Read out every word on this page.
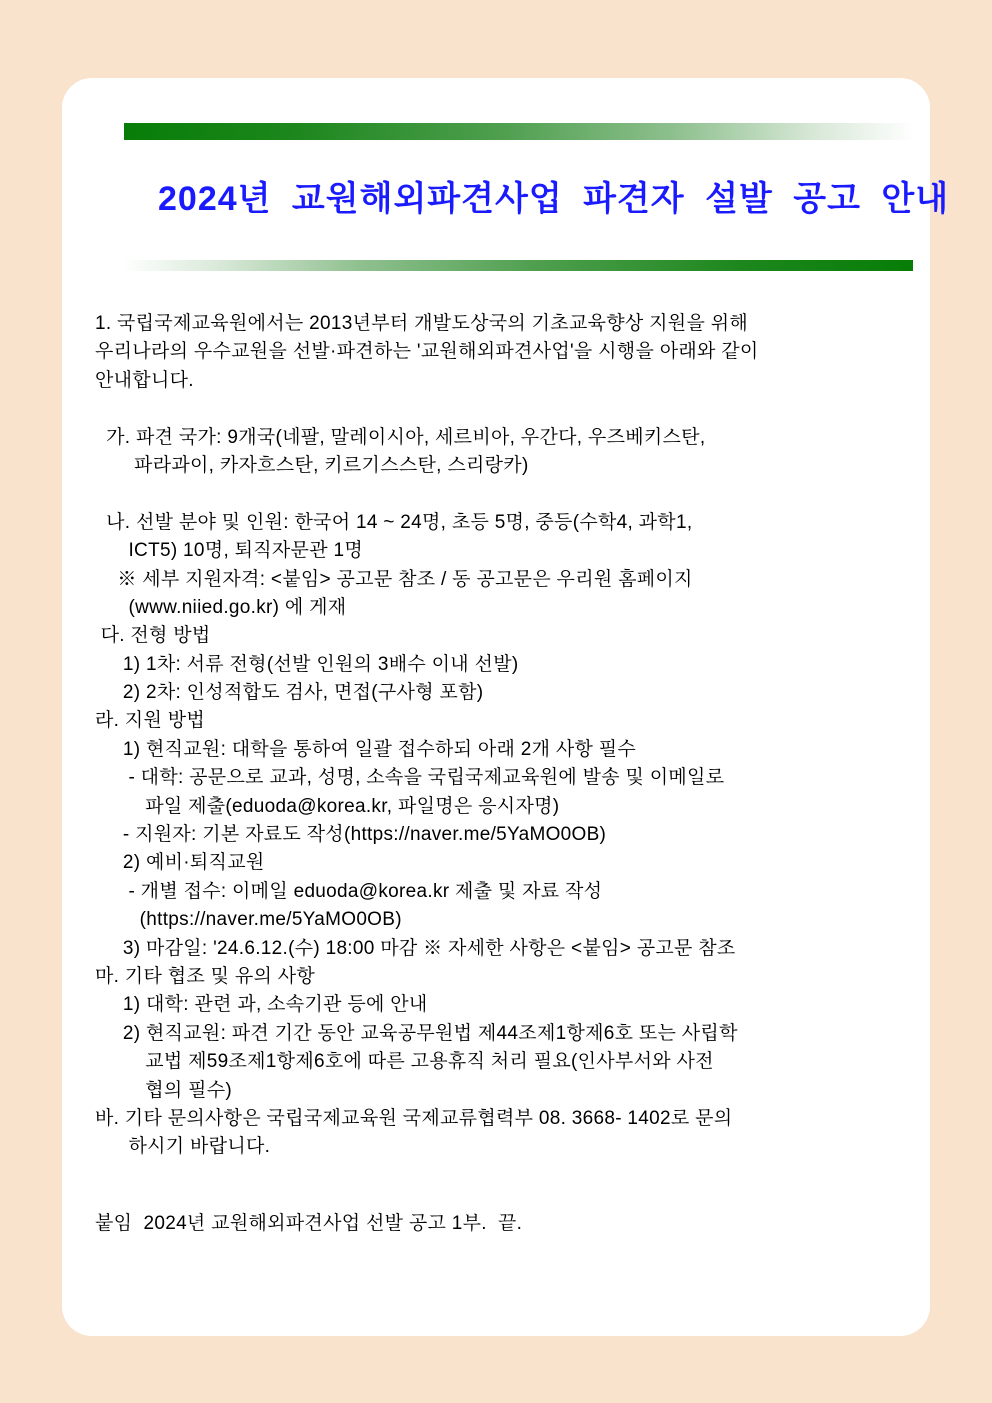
2024년 교원해외파견사업 파견자 설발 공고 안내
1. 국립국제교육원에서는 2013년부터 개발도상국의 기초교육향상 지원을 위해
우리나라의 우수교원을 선발·파견하는 '교원해외파견사업'을 시행을 아래와 같이
안내합니다.
가. 파견 국가: 9개국(네팔, 말레이시아, 세르비아, 우간다, 우즈베키스탄,
파라과이, 카자흐스탄, 키르기스스탄, 스리랑카)
나. 선발 분야 및 인원: 한국어 14 ~ 24명, 초등 5명, 중등(수학4, 과학1,
ICT5) 10명, 퇴직자문관 1명
※ 세부 지원자격: <붙임> 공고문 참조 / 동 공고문은 우리원 홈페이지
(www.niied.go.kr) 에 게재
다. 전형 방법
1) 1차: 서류 전형(선발 인원의 3배수 이내 선발)
2) 2차: 인성적합도 검사, 면접(구사형 포함)
라. 지원 방법
1) 현직교원: 대학을 통하여 일괄 접수하되 아래 2개 사항 필수
- 대학: 공문으로 교과, 성명, 소속을 국립국제교육원에 발송 및 이메일로
파일 제출(eduoda@korea.kr, 파일명은 응시자명)
- 지원자: 기본 자료도 작성(https://naver.me/5YaMO0OB)
2) 예비·퇴직교원
- 개별 접수: 이메일 eduoda@korea.kr 제출 및 자료 작성
(https://naver.me/5YaMO0OB)
3) 마감일: '24.6.12.(수) 18:00 마감 ※ 자세한 사항은 <붙임> 공고문 참조
마. 기타 협조 및 유의 사항
1) 대학: 관련 과, 소속기관 등에 안내
2) 현직교원: 파견 기간 동안 교육공무원법 제44조제1항제6호 또는 사립학
교법 제59조제1항제6호에 따른 고용휴직 처리 필요(인사부서와 사전
협의 필수)
바. 기타 문의사항은 국립국제교육원 국제교류협력부 08. 3668- 1402로 문의
하시기 바랍니다.
붙임  2024년 교원해외파견사업 선발 공고 1부.  끝.
